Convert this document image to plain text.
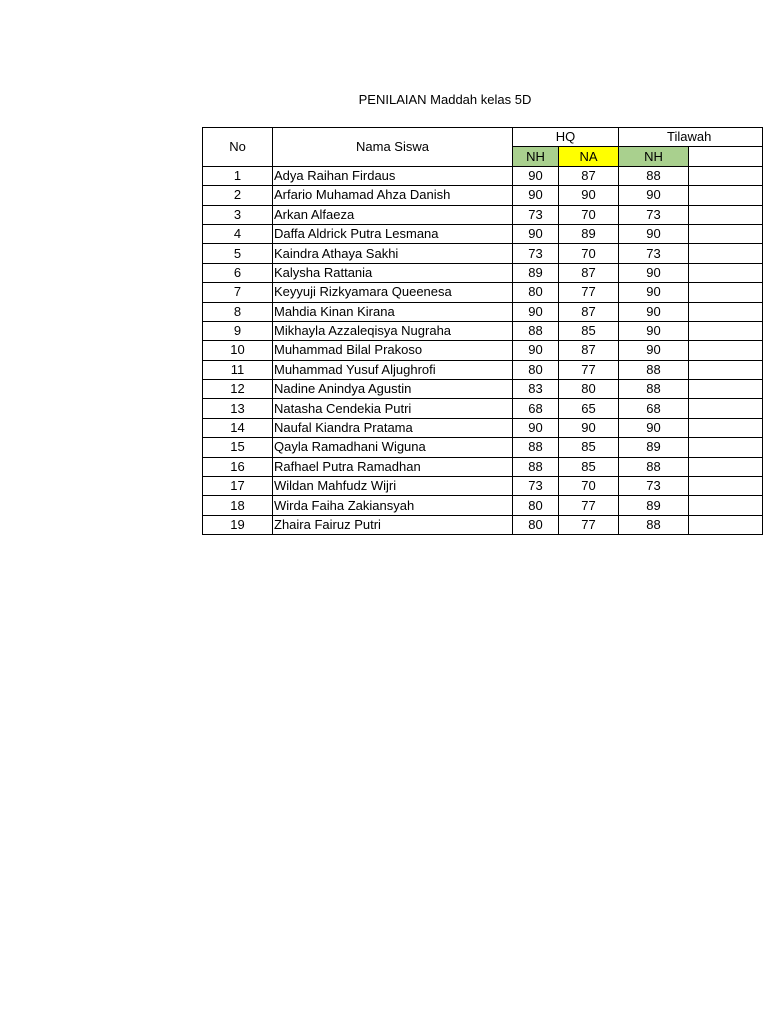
PENILAIAN Maddah kelas 5D
No	Nama Siswa	HQ		Tilawah	
		NH	NA	NH	
1	Adya Raihan Firdaus	90	87	88	
2	Arfario Muhamad Ahza Danish	90	90	90	
3	Arkan Alfaeza	73	70	73	
4	Daffa Aldrick Putra Lesmana	90	89	90	
5	Kaindra Athaya Sakhi	73	70	73	
6	Kalysha Rattania	89	87	90	
7	Keyyuji Rizkyamara Queenesa	80	77	90	
8	Mahdia Kinan Kirana	90	87	90	
9	Mikhayla Azzaleqisya Nugraha	88	85	90	
10	Muhammad Bilal Prakoso	90	87	90	
11	Muhammad Yusuf Aljughrofi	80	77	88	
12	Nadine Anindya Agustin	83	80	88	
13	Natasha Cendekia Putri	68	65	68	
14	Naufal Kiandra Pratama	90	90	90	
15	Qayla Ramadhani Wiguna	88	85	89	
16	Rafhael Putra Ramadhan	88	85	88	
17	Wildan Mahfudz Wijri	73	70	73	
18	Wirda Faiha Zakiansyah	80	77	89	
19	Zhaira Fairuz Putri	80	77	88	
